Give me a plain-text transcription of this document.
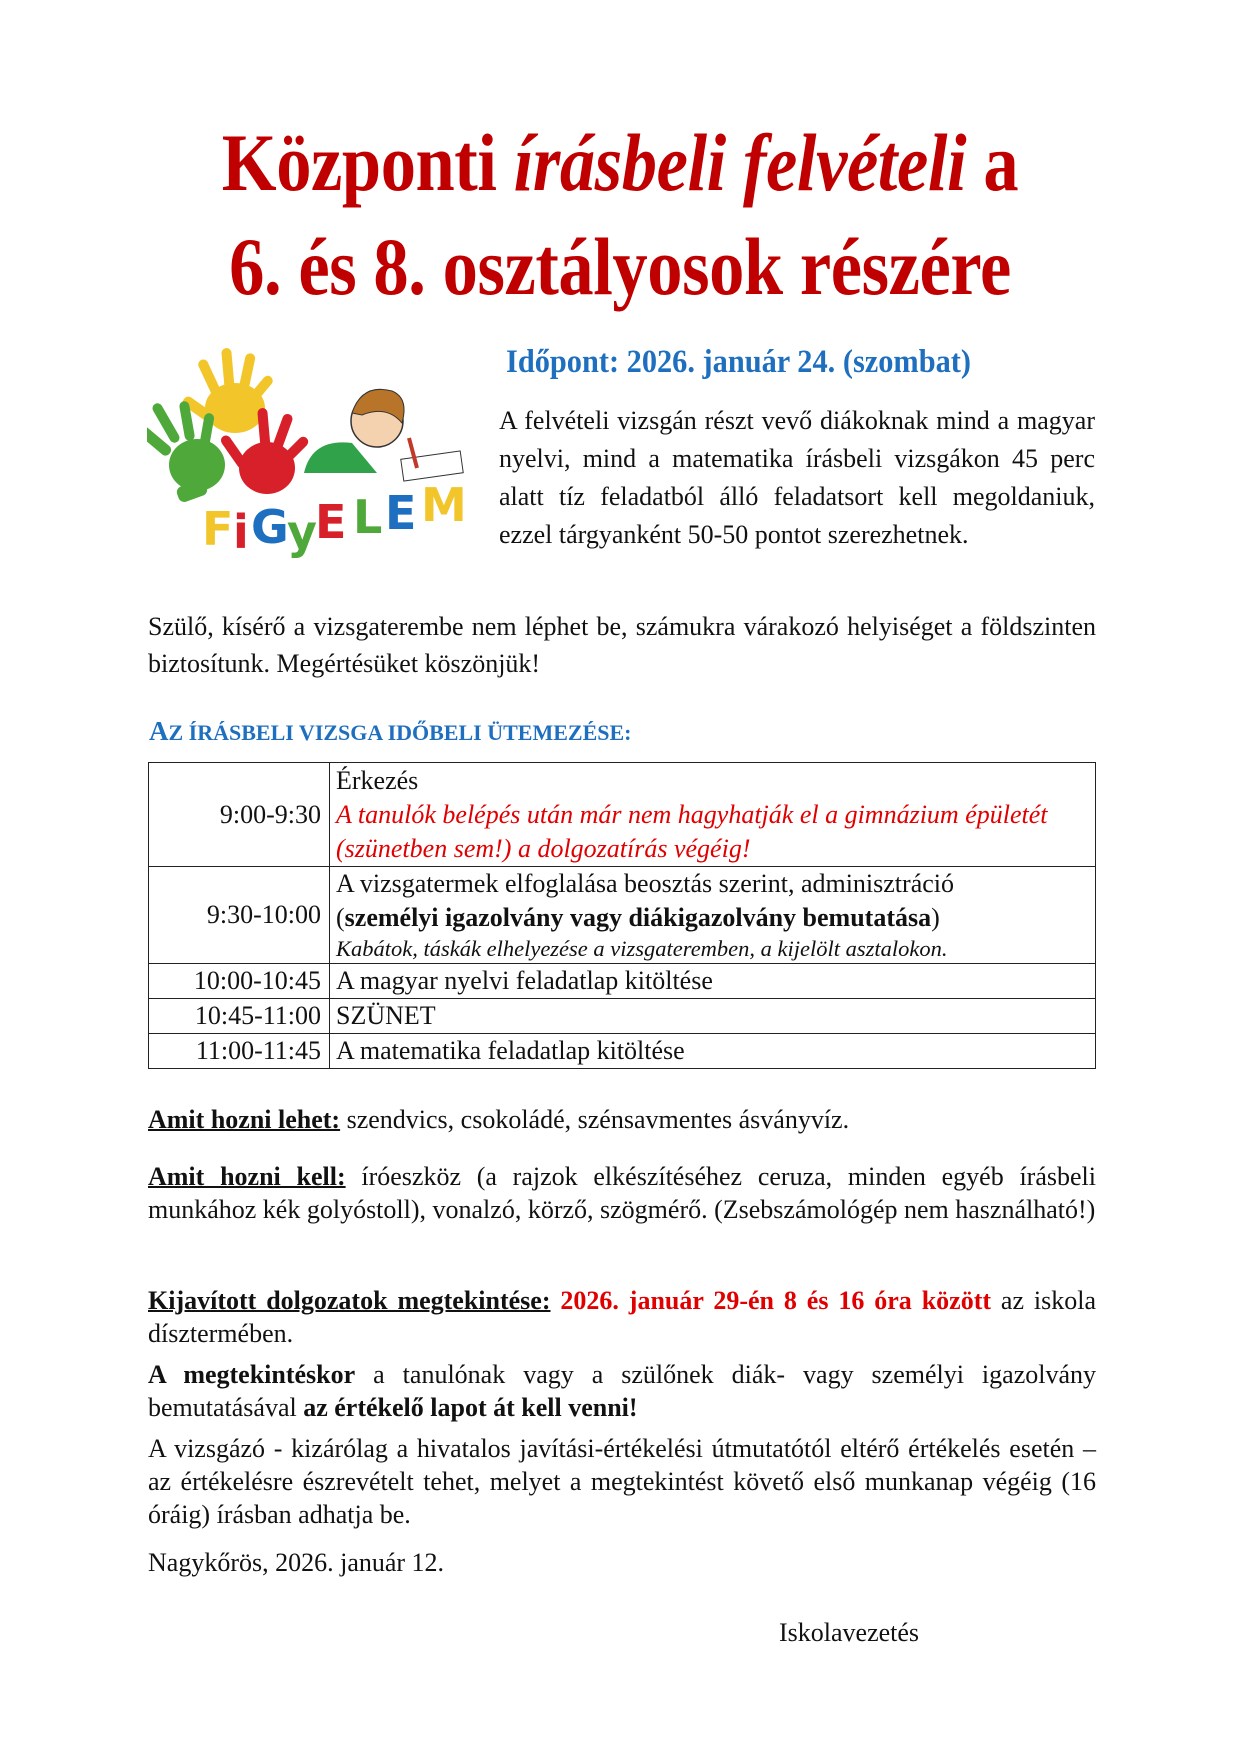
Központi írásbeli felvételi a
6. és 8. osztályosok részére
F i G
y
E L E M
Időpont: 2026. január 24. (szombat)
A felvételi vizsgán részt vevő diákoknak mind a magyar nyelvi, mind a matematika írásbeli vizsgákon 45 perc alatt tíz feladatból álló feladatsort kell megoldaniuk, ezzel tárgyanként 50-50 pontot szerezhetnek.
Szülő, kísérő a vizsgaterembe nem léphet be, számukra várakozó helyiséget a földszinten biztosítunk. Megértésüket köszönjük!
AZ ÍRÁSBELI VIZSGA IDŐBELI ÜTEMEZÉSE:
9:00-9:30	Érkezés
A tanulók belépés után már nem hagyhatják el a gimnázium épületét (szünetben sem!) a dolgozatírás végéig!

9:30-10:00	A vizsgatermek elfoglalása beosztás szerint, adminisztráció
(személyi igazolvány vagy diákigazolvány bemutatása)
Kabátok, táskák elhelyezése a vizsgateremben, a kijelölt asztalokon.

10:00-10:45	A magyar nyelvi feladatlap kitöltése
10:45-11:00	SZÜNET
11:00-11:45	A matematika feladatlap kitöltése
Amit hozni lehet: szendvics, csokoládé, szénsavmentes ásványvíz.
Amit hozni kell: íróeszköz (a rajzok elkészítéséhez ceruza, minden egyéb írásbeli munkához kék golyóstoll), vonalzó, körző, szögmérő. (Zsebszámológép nem használható!)
Kijavított dolgozatok megtekintése: 2026. január 29-én 8 és 16 óra között az iskola dísztermében.
A megtekintéskor a tanulónak vagy a szülőnek diák- vagy személyi igazolvány bemutatásával az értékelő lapot át kell venni!
A vizsgázó - kizárólag a hivatalos javítási-értékelési útmutatótól eltérő értékelés esetén – az értékelésre észrevételt tehet, melyet a megtekintést követő első munkanap végéig (16 óráig) írásban adhatja be.
Nagykőrös, 2026. január 12.
Iskolavezetés
